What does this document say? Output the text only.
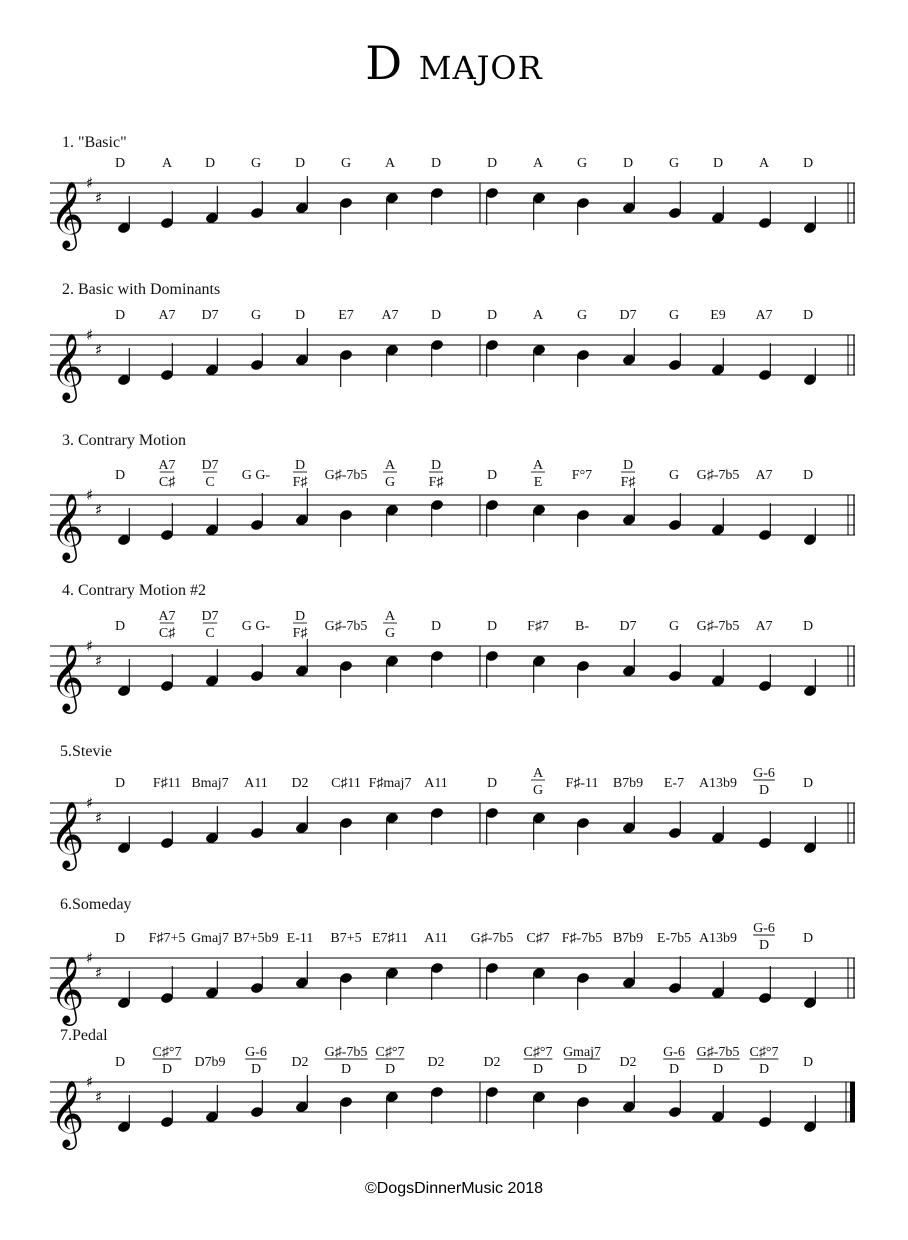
D major
1. "Basic"
𝄞 ♯
♯
D	A D	G D	G A	D	D	A G	D	G D	A D
2. Basic with Dominants
𝄞 ♯
♯
D A7 D7 G D E7 A7 D	D	A G D7 G E9 A7 D
3. Contrary Motion
𝄞 ♯
♯
D
A7
C♯
D7
C G G-
D
F♯ G♯-7b5
A
G
D
F♯	D
A
E F°7
D
F♯ G G♯-7b5 A7 D
4. Contrary Motion #2
𝄞 ♯
♯
D
A7
C♯
D7
C G G-
D
F♯ G♯-7b5
A
G	D	D F♯7 B- D7 G G♯-7b5 A7 D
5.Stevie
𝄞 ♯
♯
D F♯11 Bmaj7 A11 D2 C♯11 F♯maj7 A11	D
A
G F♯-11 B7b9 E-7 A13b9
G-6
D D
6.Someday
𝄞 ♯
♯
D F♯7+5 Gmaj7 B7+5b9 E-11 B7+5 E7♯11 A11 G♯-7b5 C♯7 F♯-7b5 B7b9 E-7b5 A13b9
G-6
D D
7.Pedal
𝄞 ♯
♯
D
C♯°7
D D7b9
G-6
D D2
G♯-7b5
D
C♯°7
D D2	D2
C♯°7
D
Gmaj7
D D2
G-6
D
G♯-7b5
D
C♯°7
D D
©DogsDinnerMusic 2018
